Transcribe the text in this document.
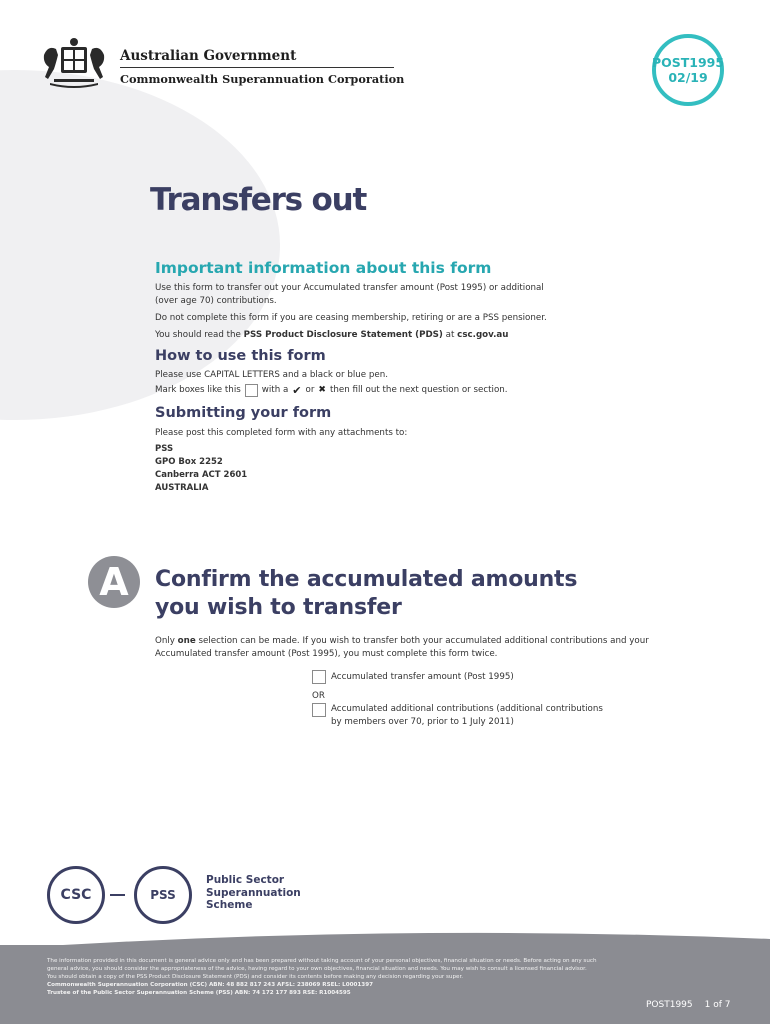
Australian Government
Commonwealth Superannuation Corporation
POST1995
02/19
Transfers out
Important information about this form
Use this form to transfer out your Accumulated transfer amount (Post 1995) or additional
(over age 70) contributions.
Do not complete this form if you are ceasing membership, retiring or are a PSS pensioner.
You should read the PSS Product Disclosure Statement (PDS) at csc.gov.au
How to use this form
Please use CAPITAL LETTERS and a black or blue pen.
Mark boxes like this with a ✔ or ✖ then fill out the next question or section.
Submitting your form
Please post this completed form with any attachments to:
PSS
GPO Box 2252
Canberra ACT 2601
AUSTRALIA
A	Confirm the accumulated amounts
you wish to transfer
Only one selection can be made. If you wish to transfer both your accumulated additional contributions and your
Accumulated transfer amount (Post 1995), you must complete this form twice.
Accumulated transfer amount (Post 1995)
OR
Accumulated additional contributions (additional contributions
by members over 70, prior to 1 July 2011)
CSC	PSS
Public Sector
Superannuation
Scheme
The information provided in this document is general advice only and has been prepared without taking account of your personal objectives, financial situation or needs. Before acting on any such
general advice, you should consider the appropriateness of the advice, having regard to your own objectives, financial situation and needs. You may wish to consult a licensed financial advisor.
You should obtain a copy of the PSS Product Disclosure Statement (PDS) and consider its contents before making any decision regarding your super.
Commonwealth Superannuation Corporation (CSC) ABN: 48 882 817 243 AFSL: 238069 RSEL: L0001397
Trustee of the Public Sector Superannuation Scheme (PSS) ABN: 74 172 177 893 RSE: R1004595
POST1995 1 of 7
